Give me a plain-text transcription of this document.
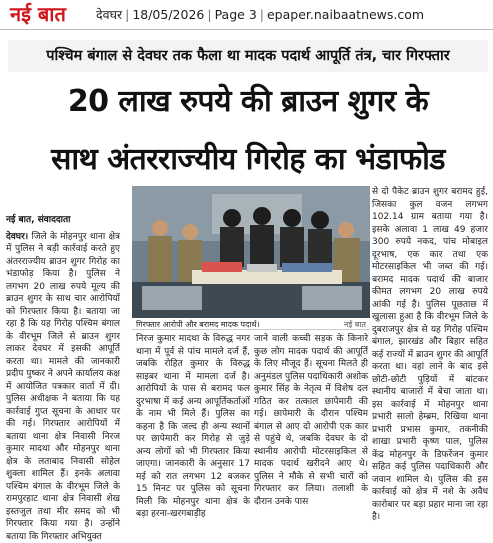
नई बात	देवघर | 18/05/2026 | Page 3 | epaper.naibaatnews.com
पश्चिम बंगाल से देवघर तक फैला था मादक पदार्थ आपूर्ति तंत्र, चार गिरफ्तार
20 लाख रुपये की ब्राउन शुगर के
साथ अंतरराज्यीय गिरोह का भंडाफोड
नई बात, संवाददाता
देवघर। जिले के मोहनपुर थाना क्षेत्र में पुलिस ने बड़ी कार्रवाई करते हुए अंतरराज्यीय ब्राउन शुगर गिरोह का भंडाफोड़ किया है। पुलिस ने लगभग 20 लाख रुपये मूल्य की ब्राउन शुगर के साथ चार आरोपियों को गिरफ्तार किया है। बताया जा रहा है कि यह गिरोह पश्चिम बंगाल के वीरभूम जिले से ब्राउन शुगर लाकर देवघर में इसकी आपूर्ति करता था। मामले की जानकारी प्रदीप पुष्कर ने अपने कार्यालय कक्ष में आयोजित पत्रकार वार्ता में दी। पुलिस अधीक्षक ने बताया कि यह कार्रवाई गुप्त सूचना के आधार पर की गई। गिरफ्तार आरोपियों में बताया थाना क्षेत्र निवासी निरज कुमार मादथा और मोहनपुर थाना क्षेत्र के लताबाद निवासी सोहेल शुक्ला शामिल हैं। इनके अलावा पश्चिम बंगाल के वीरभूम जिले के रामपुरहाट थाना क्षेत्र निवासी शेख इस्तजुल तथा मीर समद को भी गिरफ्तार किया गया है। उन्होंने बताया कि गिरफ्तार अभियुक्त
गिरफ्तार आरोपी और बरामद मादक पदार्थ।	नई बात
निरज कुमार मादथा के विरुद्ध नगर थाना में पूर्व से पांच मामले दर्ज हैं, जबकि रोहित कुमार के विरुद्ध साइबर थाना में मामला दर्ज है। आरोपियों के पास से बरामद फल दुरभाषा में कई अन्य आपूर्तिकर्ताओं के नाम भी मिले हैं। पुलिस का कहना है कि जल्द ही अन्य स्थानों पर छापेमारी कर गिरोह से जुड़े अन्य लोगों को भी गिरफ्तार किया जाएगा। जानकारी के अनुसार 17 मई को रात लगभग 12 बजकर 15 मिनट पर पुलिस को सूचना मिली कि मोहनपुर थाना क्षेत्र के बड़ा हरना-खरगबाड़ीह
जाने वाली कच्ची सड़क के किनारे कुछ लोग मादक पदार्थ की आपूर्ति के लिए मौजूद हैं। सूचना मिलते ही अनुमंडल पुलिस पदाधिकारी अशोक कुमार सिंह के नेतृत्व में विशेष दल गठित कर तत्काल छापेमारी की गई। छापेमारी के दौरान पश्चिम बंगाल से आए दो आरोपी एक कार से पहुंचे थे, जबकि देवघर के दो स्थानीय आरोपी मोटरसाइकिल से मादक पदार्थ खरीदने आए थे। पुलिस ने मौके से सभी चारों को गिरफ्तार कर लिया। तलाशी के दौरान उनके पास
से दो पैकेट ब्राउन शुगर बरामद हुई, जिसका कुल वजन लगभग 102.14 ग्राम बताया गया है। इसके अलावा 1 लाख 49 हजार 300 रुपये नकद, पांच मोबाइल दूरभाष, एक कार तथा एक मोटरसाइकिल भी जब्त की गई। बरामद मादक पदार्थ की बाजार कीमत लगभग 20 लाख रुपये आंकी गई है। पुलिस पूछताछ में खुलासा हुआ है कि वीरभूम जिले के दुबराजपुर क्षेत्र से यह गिरोह पश्चिम बंगाल, झारखंड और बिहार सहित कई राज्यों में ब्राउन शुगर की आपूर्ति करता था। वहां लाने के बाद इसे छोटी-छोटी पुड़ियों में बांटकर स्थानीय बाजारों में बेचा जाता था। इस कार्रवाई में मोहनपुर थाना प्रभारी सालो हेम्ब्रम, रिखिया थाना प्रभारी प्रभास कुमार, तकनीकी शाखा प्रभारी कृष्ण पाल, पुलिस केंद्र मोहनपुर के डिफरेंजन कुमार सहित कई पुलिस पदाधिकारी और जवान शामिल थे। पुलिस की इस कार्रवाई को क्षेत्र में नशे के अवैध कारोबार पर बड़ा प्रहार माना जा रहा है।
